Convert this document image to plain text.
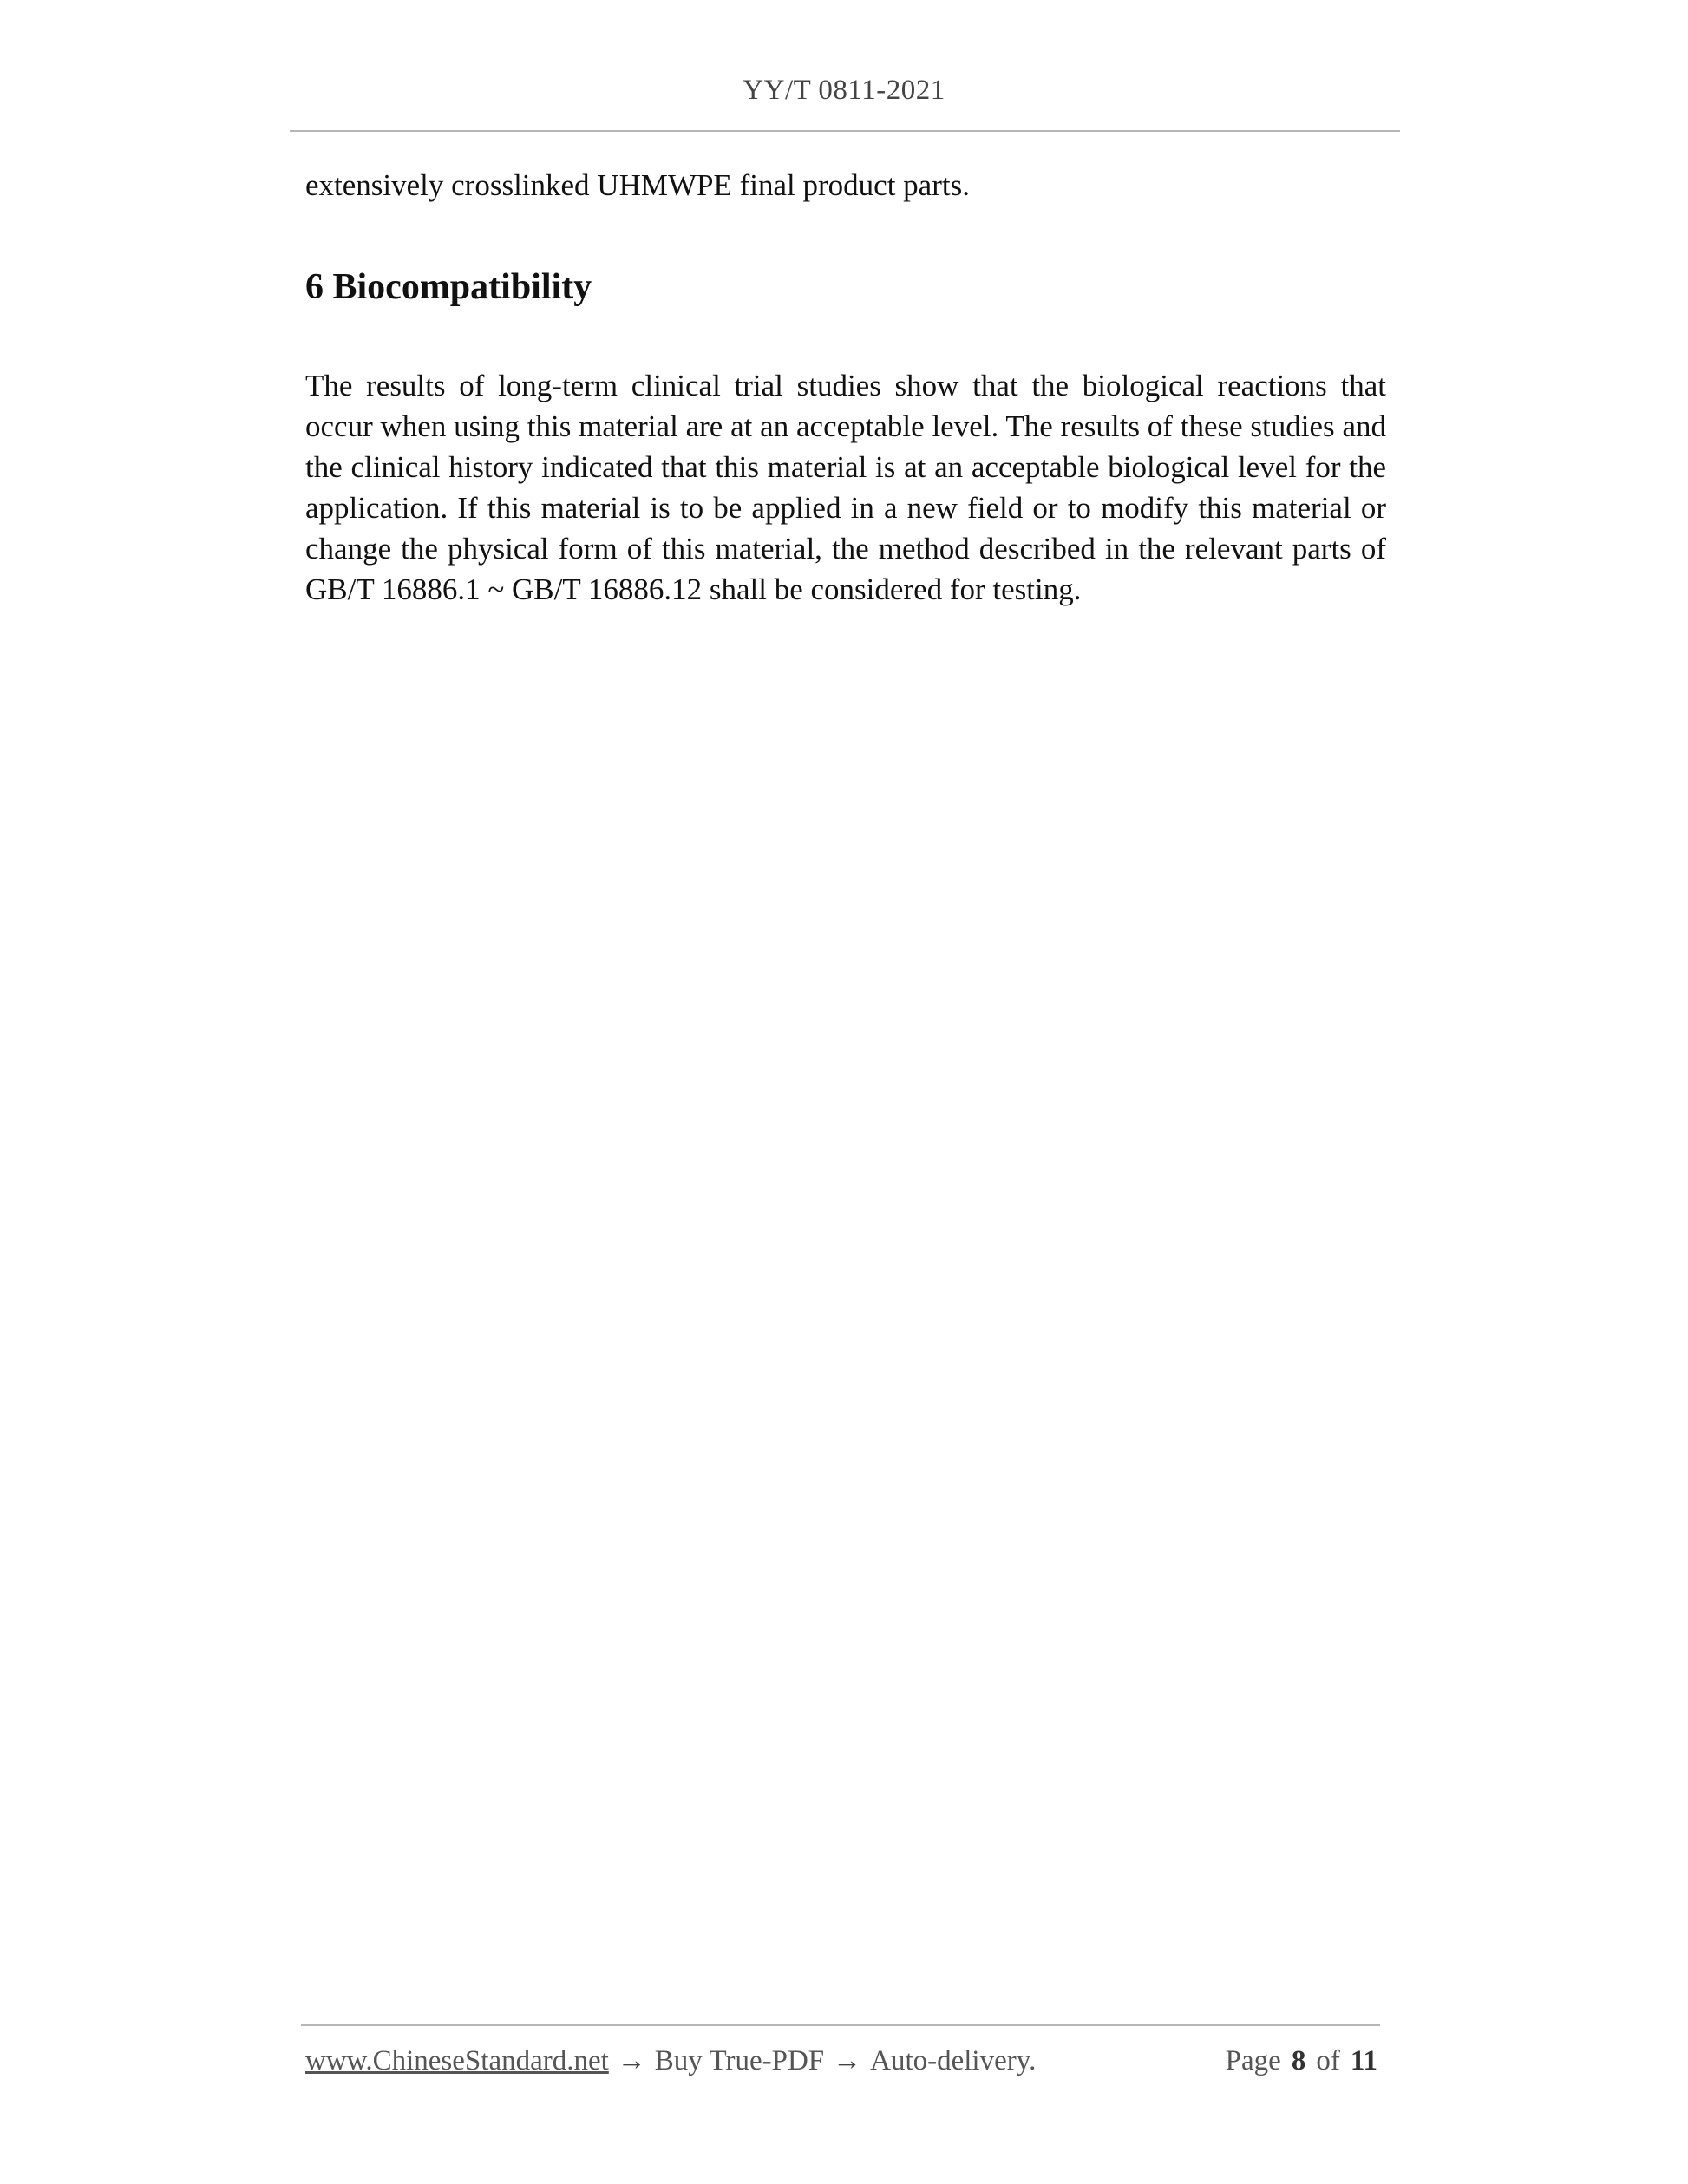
YY/T 0811-2021

extensively crosslinked UHMWPE final product parts.

6 Biocompatibility

The results of long-term clinical trial studies show that the biological reactions that occur when using this material are at an acceptable level. The results of these studies and the clinical history indicated that this material is at an acceptable biological level for the application. If this material is to be applied in a new field or to modify this material or change the physical form of this material, the method described in the relevant parts of GB/T 16886.1 ~ GB/T 16886.12 shall be considered for testing.

www.ChineseStandard.net → Buy True-PDF → Auto-delivery.	Page 8 of 11
